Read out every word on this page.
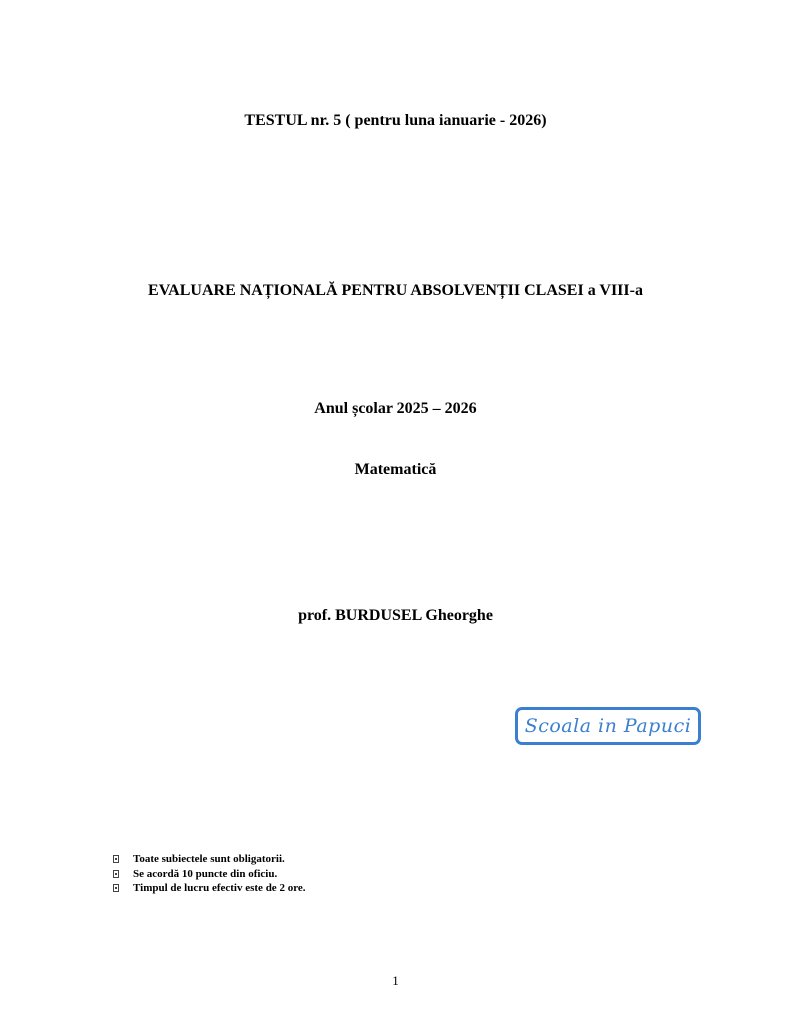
TESTUL nr. 5 ( pentru luna ianuarie - 2026)
EVALUARE NAȚIONALĂ PENTRU ABSOLVENȚII CLASEI a VIII-a
Anul școlar 2025 – 2026
Matematică
prof. BURDUSEL Gheorghe
Scoala in Papuci
Toate subiectele sunt obligatorii.
Se acordă 10 puncte din oficiu.
Timpul de lucru efectiv este de 2 ore.
1
